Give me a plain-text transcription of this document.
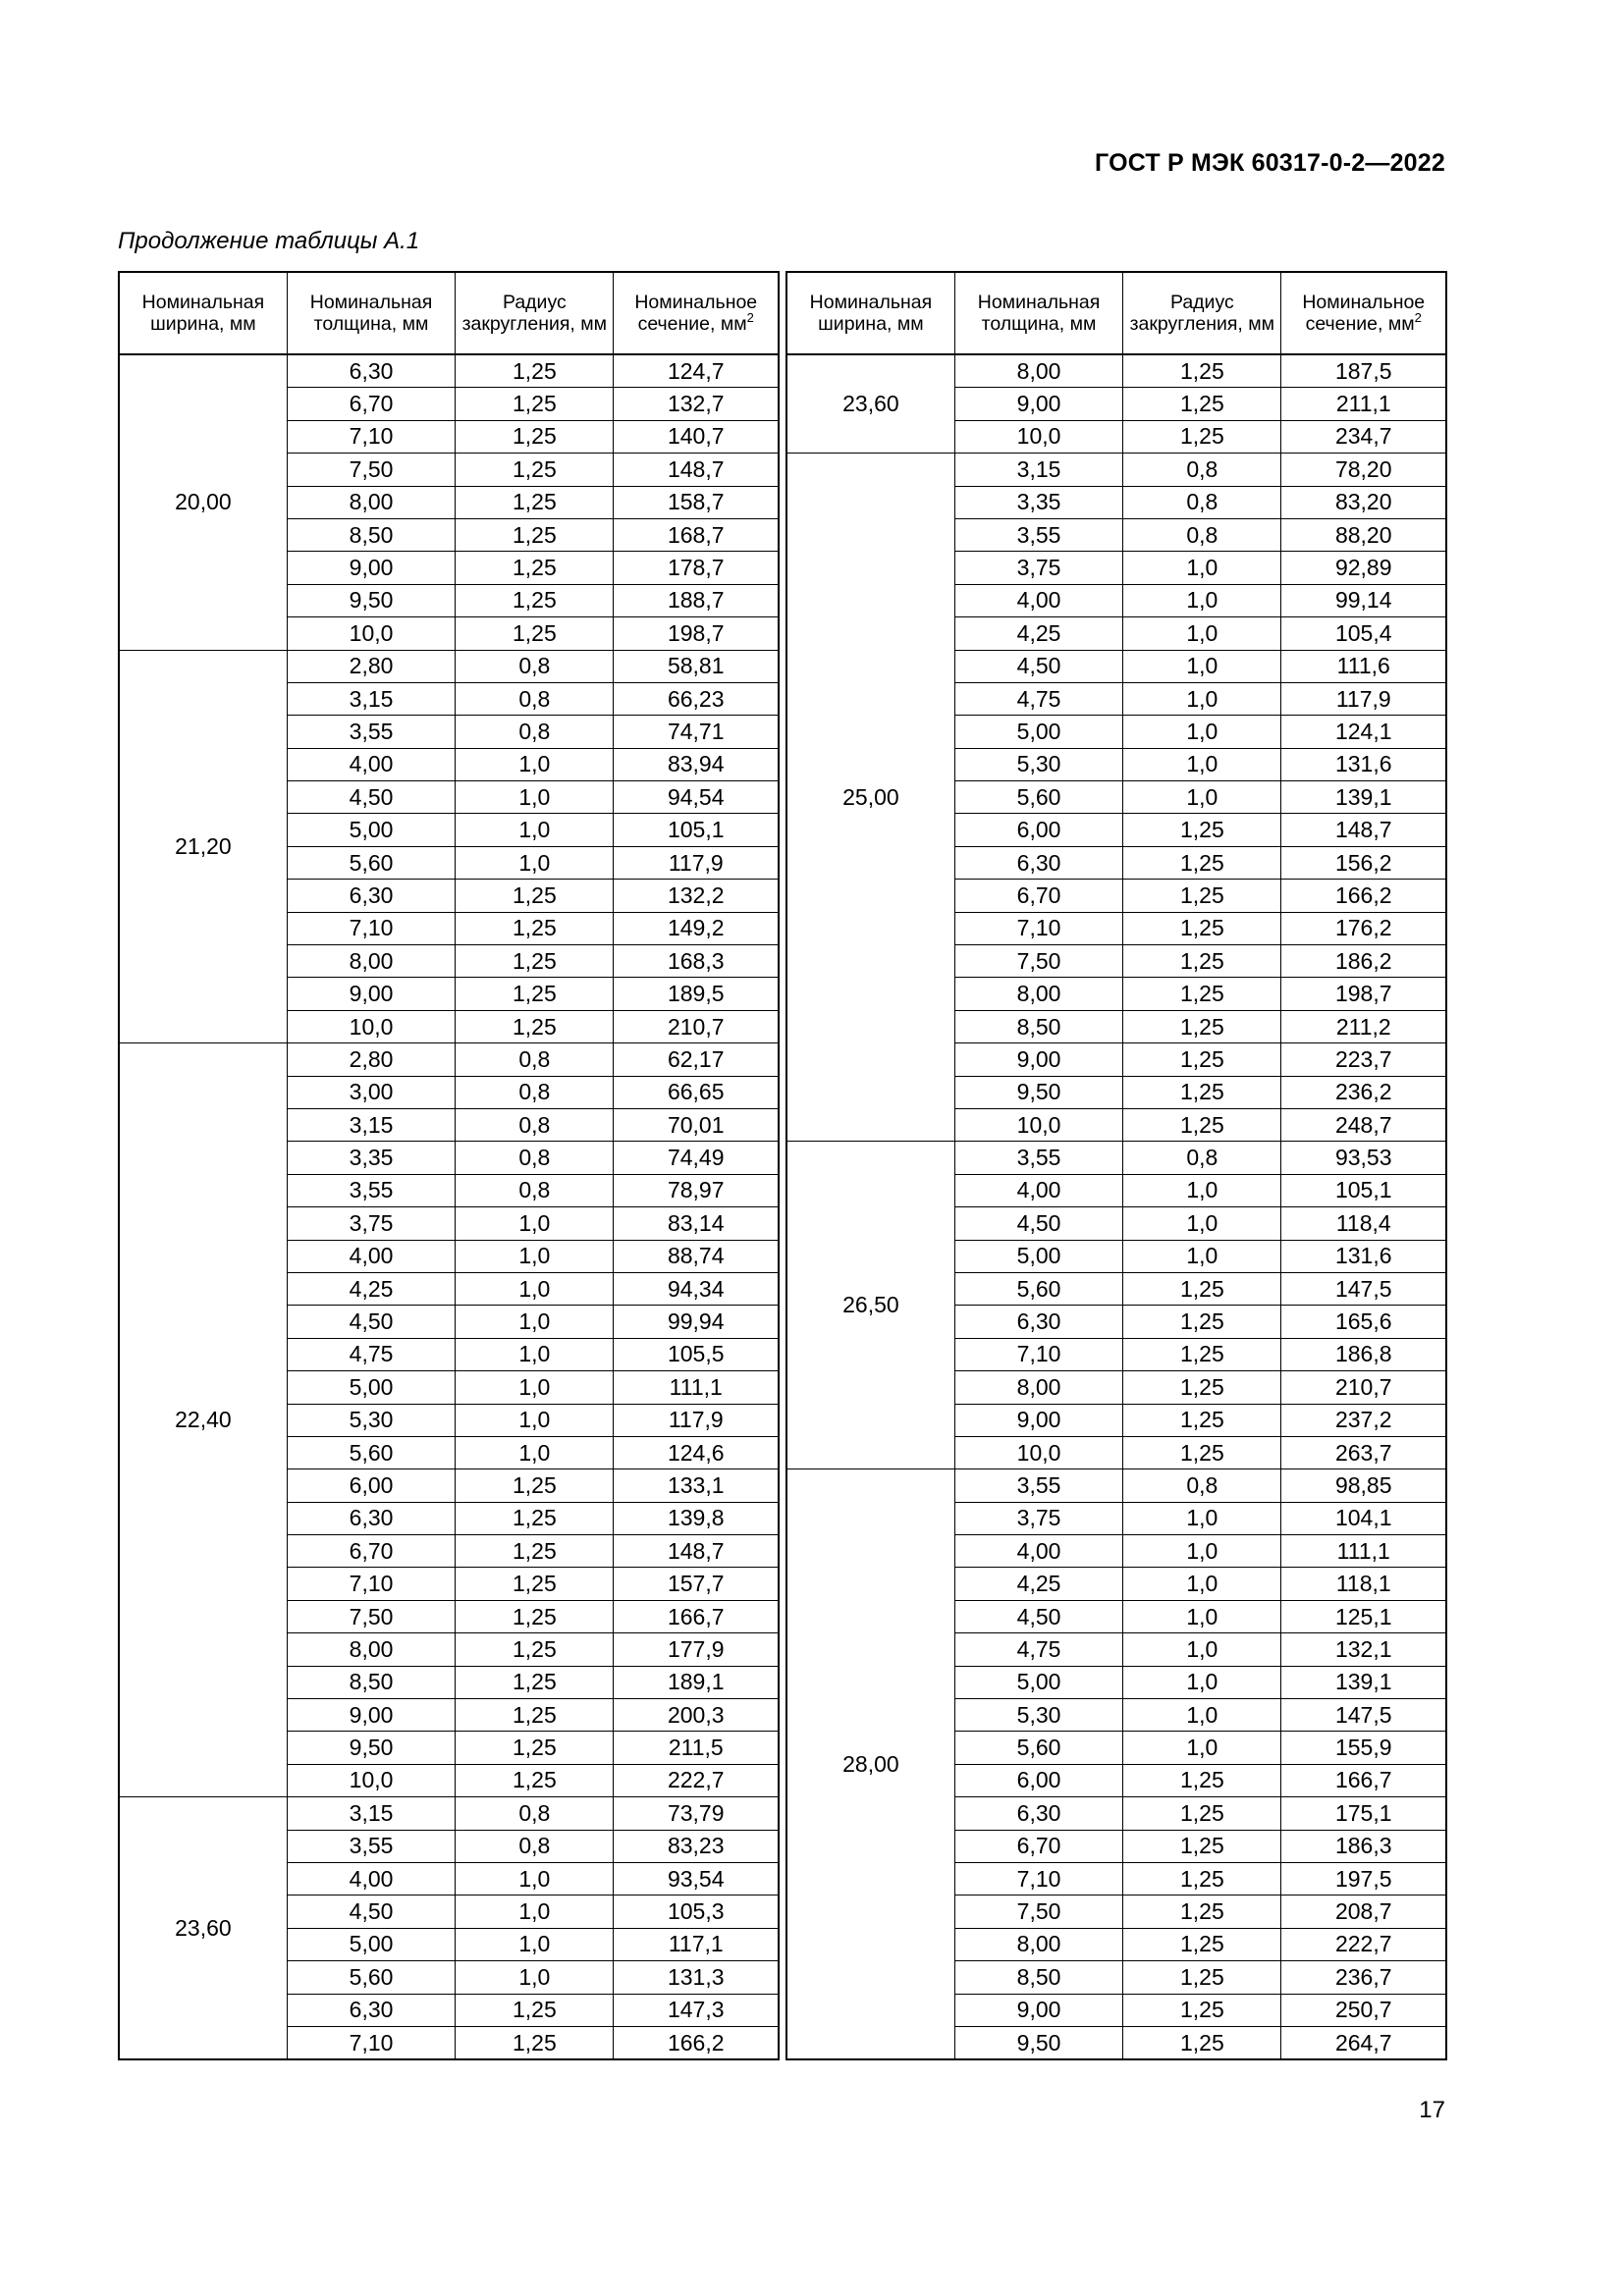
ГОСТ Р МЭК 60317-0-2—2022
Продолжение таблицы А.1
Номинальная ширина, мм	Номинальная толщина, мм	Радиус закругления, мм	Номинальное сечение, $мм^2$
20,00	6,30	1,25	124,7
	6,70	1,25	132,7
	7,10	1,25	140,7
	7,50	1,25	148,7
	8,00	1,25	158,7
	8,50	1,25	168,7
	9,00	1,25	178,7
	9,50	1,25	188,7
	10,0	1,25	198,7
21,20	2,80	0,8	58,81
	3,15	0,8	66,23
	3,55	0,8	74,71
	4,00	1,0	83,94
	4,50	1,0	94,54
	5,00	1,0	105,1
	5,60	1,0	117,9
	6,30	1,25	132,2
	7,10	1,25	149,2
	8,00	1,25	168,3
	9,00	1,25	189,5
	10,0	1,25	210,7
22,40	2,80	0,8	62,17
	3,00	0,8	66,65
	3,15	0,8	70,01
	3,35	0,8	74,49
	3,55	0,8	78,97
	3,75	1,0	83,14
	4,00	1,0	88,74
	4,25	1,0	94,34
	4,50	1,0	99,94
	4,75	1,0	105,5
	5,00	1,0	111,1
	5,30	1,0	117,9
	5,60	1,0	124,6
	6,00	1,25	133,1
	6,30	1,25	139,8
	6,70	1,25	148,7
	7,10	1,25	157,7
	7,50	1,25	166,7
	8,00	1,25	177,9
	8,50	1,25	189,1
	9,00	1,25	200,3
	9,50	1,25	211,5
	10,0	1,25	222,7
23,60	3,15	0,8	73,79
	3,55	0,8	83,23
	4,00	1,0	93,54
	4,50	1,0	105,3
	5,00	1,0	117,1
	5,60	1,0	131,3
	6,30	1,25	147,3
	7,10	1,25	166,2
Номинальная ширина, мм	Номинальная толщина, мм	Радиус закругления, мм	Номинальное сечение, $мм^2$
23,60	8,00	1,25	187,5
	9,00	1,25	211,1
	10,0	1,25	234,7
25,00	3,15	0,8	78,20
	3,35	0,8	83,20
	3,55	0,8	88,20
	3,75	1,0	92,89
	4,00	1,0	99,14
	4,25	1,0	105,4
	4,50	1,0	111,6
	4,75	1,0	117,9
	5,00	1,0	124,1
	5,30	1,0	131,6
	5,60	1,0	139,1
	6,00	1,25	148,7
	6,30	1,25	156,2
	6,70	1,25	166,2
	7,10	1,25	176,2
	7,50	1,25	186,2
	8,00	1,25	198,7
	8,50	1,25	211,2
	9,00	1,25	223,7
	9,50	1,25	236,2
	10,0	1,25	248,7
26,50	3,55	0,8	93,53
	4,00	1,0	105,1
	4,50	1,0	118,4
	5,00	1,0	131,6
	5,60	1,25	147,5
	6,30	1,25	165,6
	7,10	1,25	186,8
	8,00	1,25	210,7
	9,00	1,25	237,2
	10,0	1,25	263,7
28,00	3,55	0,8	98,85
	3,75	1,0	104,1
	4,00	1,0	111,1
	4,25	1,0	118,1
	4,50	1,0	125,1
	4,75	1,0	132,1
	5,00	1,0	139,1
	5,30	1,0	147,5
	5,60	1,0	155,9
	6,00	1,25	166,7
	6,30	1,25	175,1
	6,70	1,25	186,3
	7,10	1,25	197,5
	7,50	1,25	208,7
	8,00	1,25	222,7
	8,50	1,25	236,7
	9,00	1,25	250,7
	9,50	1,25	264,7
17
